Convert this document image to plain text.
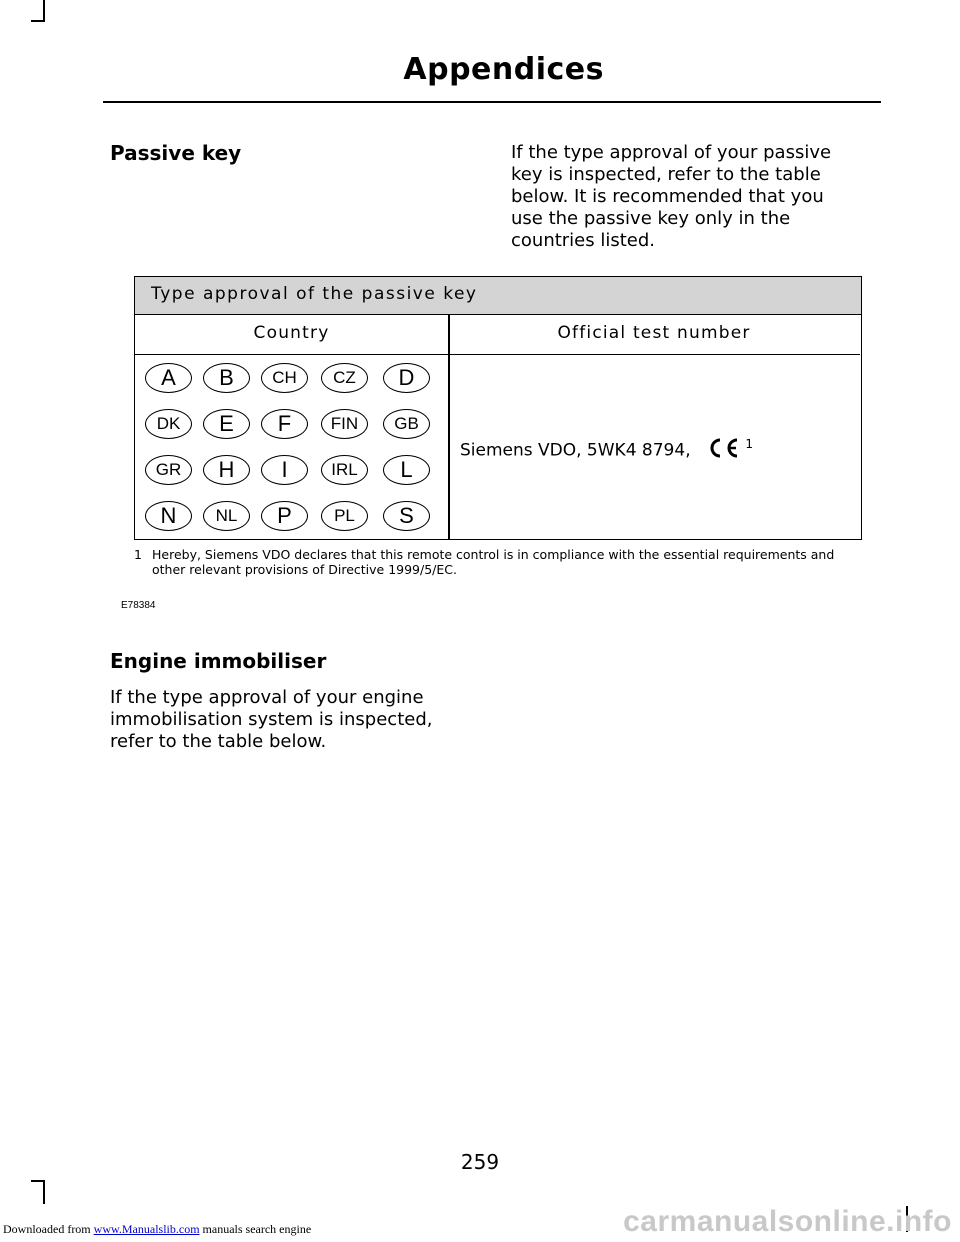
Appendices
Passive key	If the type approval of your passive
key is inspected, refer to the table
below. It is recommended that you
use the passive key only in the
countries listed.
Type approval of the passive key
Country	Official test number
A	B	CH	CZ	D
DK	E	F	FIN	GB
GR	H	I	IRL	L
N	NL	P	PL	S
Siemens VDO, 5WK4 8794,	$^1$
1 Hereby, Siemens VDO declares that this remote control is in compliance with the essential requirements and other relevant provisions of Directive 1999/5/EC.
E78384
Engine immobiliser
If the type approval of your engine
immobilisation system is inspected,
refer to the table below.
259
carmanualsonline.info
Downloaded from www.Manualslib.com manuals search engine
